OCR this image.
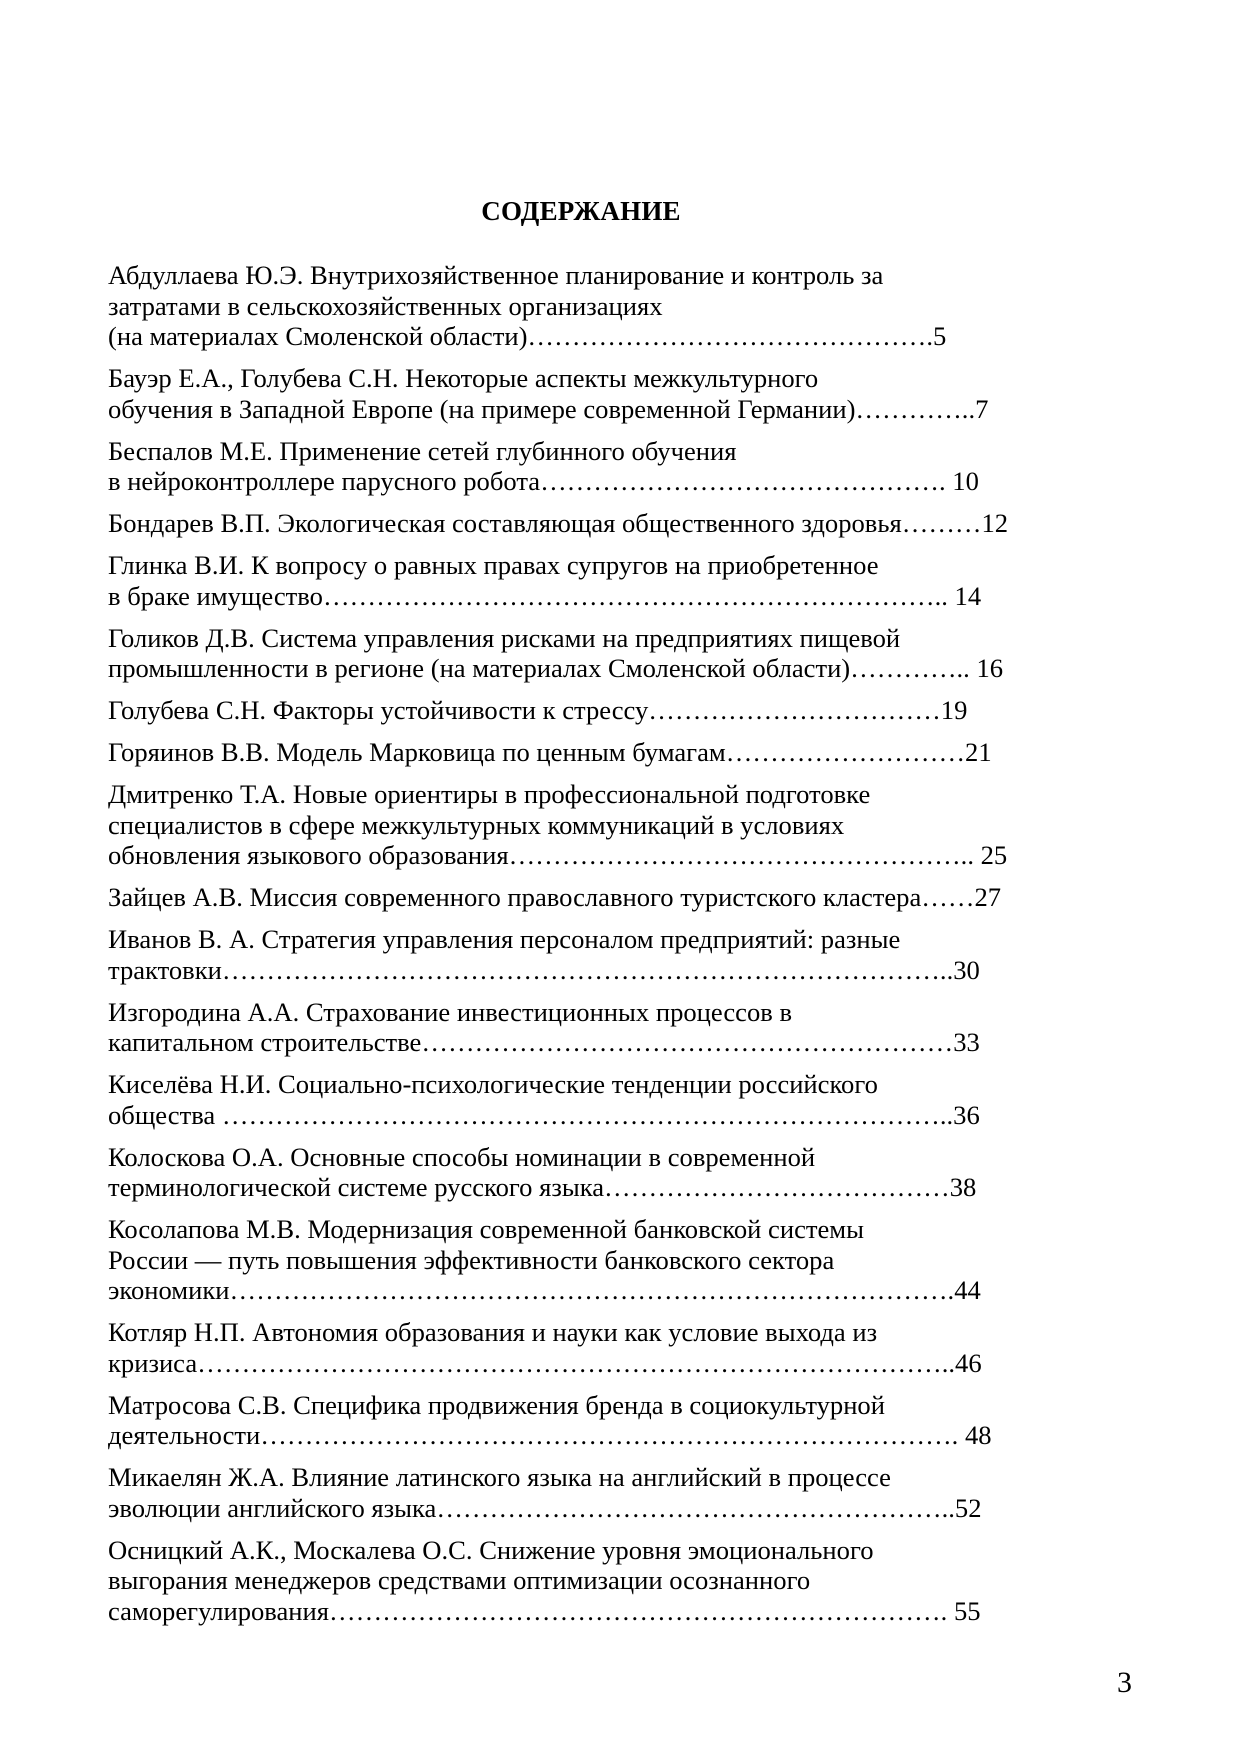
СОДЕРЖАНИЕ
Абдуллаева Ю.Э. Внутрихозяйственное планирование и контроль за
затратами в сельскохозяйственных организациях
(на материалах Смоленской области)……………………………………….5
Бауэр Е.А., Голубева С.Н. Некоторые аспекты межкультурного
обучения в Западной Европе (на примере современной Германии)…………..7
Беспалов М.Е. Применение сетей глубинного обучения
в нейроконтроллере парусного робота………………………………………. 10
Бондарев В.П. Экологическая составляющая общественного здоровья………12
Глинка В.И. К вопросу о равных правах супругов на приобретенное
в браке имущество…………………………………………………………….. 14
Голиков Д.В. Система управления рисками на предприятиях пищевой
промышленности в регионе (на материалах Смоленской области)………….. 16
Голубева С.Н. Факторы устойчивости к стрессу……………………………19
Горяинов В.В. Модель Марковица по ценным бумагам………………………21
Дмитренко Т.А. Новые ориентиры в профессиональной подготовке
специалистов в сфере межкультурных коммуникаций в условиях
обновления языкового образования…………………………………………….. 25
Зайцев А.В. Миссия современного православного туристского кластера……27
Иванов В. А. Стратегия управления персоналом предприятий: разные
трактовки………………………………………………………………………..30
Изгородина А.А. Страхование инвестиционных процессов в
капитальном строительстве……………………………………………………33
Киселёва Н.И. Социально-психологические тенденции российского
общества ………………………………………………………………………..36
Колоскова О.А. Основные способы номинации в современной
терминологической системе русского языка…………………………………38
Косолапова М.В. Модернизация современной банковской системы
России — путь повышения эффективности банковского сектора
экономики……………………………………………………………………….44
Котляр Н.П. Автономия образования и науки как условие выхода из
кризиса…………………………………………………………………………..46
Матросова С.В. Специфика продвижения бренда в социокультурной
деятельности……………………………………………………………………. 48
Микаелян Ж.А. Влияние латинского языка на английский в процессе
эволюции английского языка…………………………………………………..52
Осницкий А.К., Москалева О.С. Снижение уровня эмоционального
выгорания менеджеров средствами оптимизации осознанного
саморегулирования……………………………………………………………. 55
3
